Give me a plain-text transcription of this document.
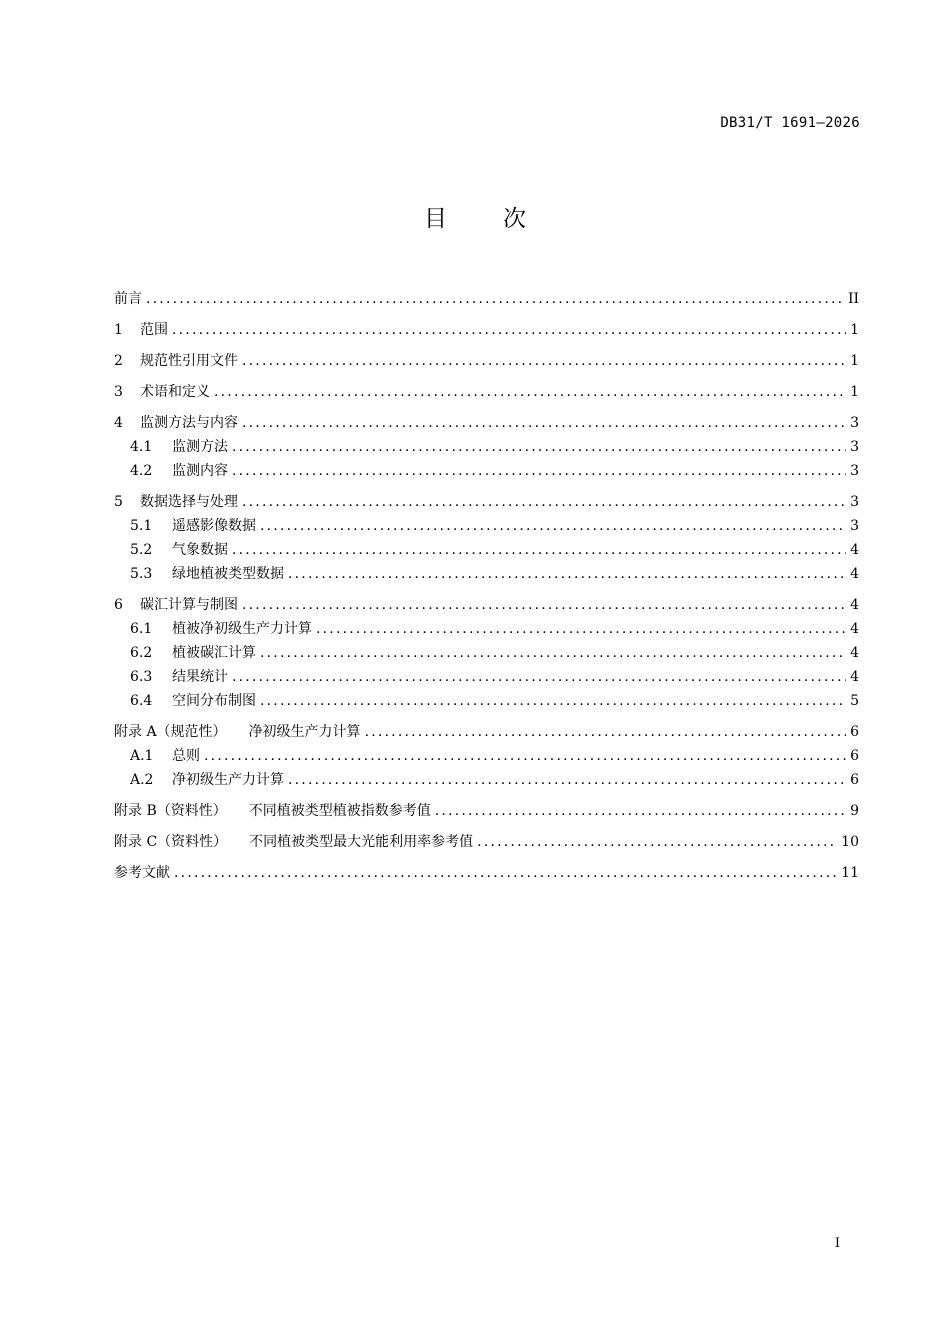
DB31/T 1691—2026
目 次
前言 .....	II
1	范围 .....	1
2	规范性引用文件 .....	1
3	术语和定义 .....	1
4	监测方法与内容 .....	3
4.1	监测方法 .....	3
4.2	监测内容 .....	3
5	数据选择与处理 .....	3
5.1	遥感影像数据 .....	3
5.2	气象数据 .....	4
5.3	绿地植被类型数据 .....	4
6	碳汇计算与制图 .....	4
6.1	植被净初级生产力计算 .....	4
6.2	植被碳汇计算 .....	4
6.3	结果统计 .....	4
6.4	空间分布制图 .....	5
附录 A（规范性） 净初级生产力计算 .....	6
A.1	总则 .....	6
A.2	净初级生产力计算 .....	6
附录 B（资料性） 不同植被类型植被指数参考值 .....	9
附录 C（资料性） 不同植被类型最大光能利用率参考值 .....	10
参考文献 .....	11
I
